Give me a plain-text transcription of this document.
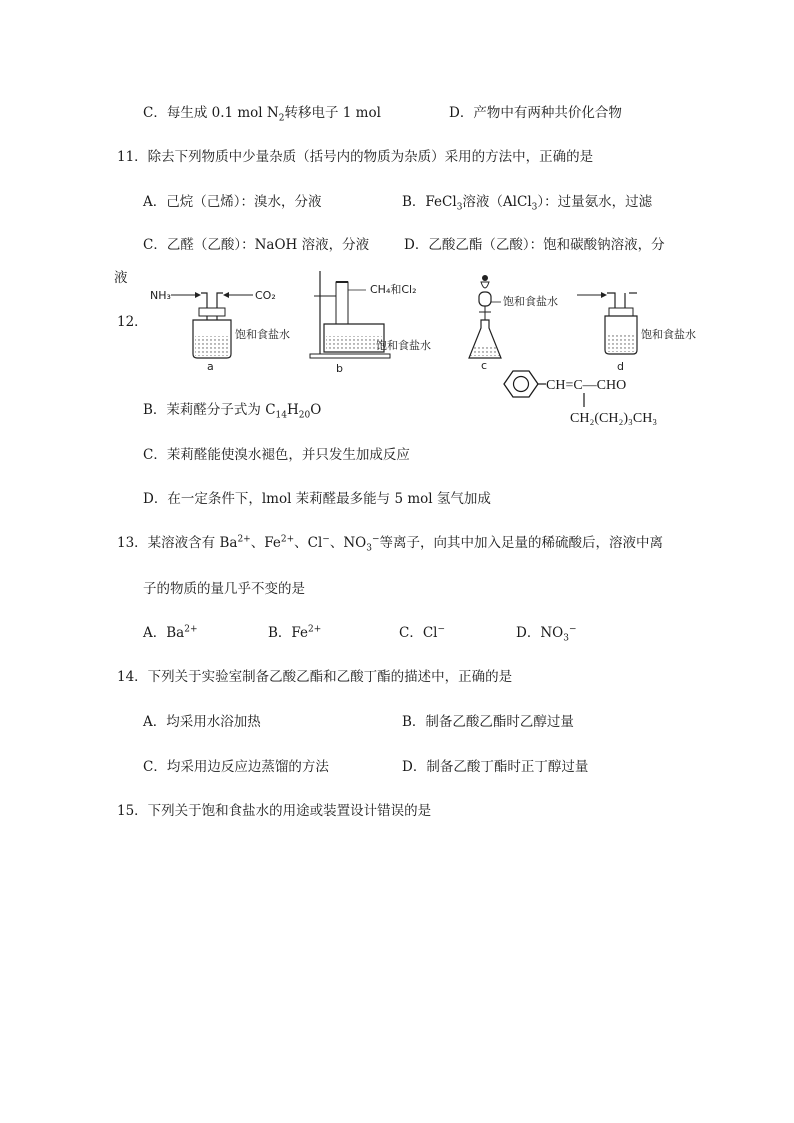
C．每生成 0.1 mol $N_2$转移电子 1 mol	D．产物中有两种共价化合物
11．除去下列物质中少量杂质（括号内的物质为杂质）采用的方法中，正确的是
A．己烷（己烯）：溴水，分液	B．FeCl$_3$溶液（AlCl$_3$）：过量氨水，过滤
C．乙醛（乙酸）：NaOH 溶液，分液	D．乙酸乙酯（乙酸）：饱和碳酸钠溶液，分
液
12．
NH₃	CO₂
饱和食盐水
a
CH₄和Cl₂
饱和食盐水
b
饱和食盐水
c
饱和食盐水
d
CH=C—CHO
CH₂(CH₂)₃CH₃
B．茉莉醛分子式为 $C_{14}H_{20}O$
C．茉莉醛能使溴水褪色，并只发生加成反应
D．在一定条件下，lmol 茉莉醛最多能与 5 mol 氢气加成
13．某溶液含有 $Ba^{2+}$、$Fe^{2+}$、Cl−、$NO_3^-$等离子，向其中加入足量的稀硫酸后，溶液中离
子的物质的量几乎不变的是
A．$Ba^{2+}$	B．$Fe^{2+}$	C．Cl−	D．$NO_3^-$
14．下列关于实验室制备乙酸乙酯和乙酸丁酯的描述中，正确的是
A．均采用水浴加热	B．制备乙酸乙酯时乙醇过量
C．均采用边反应边蒸馏的方法	D．制备乙酸丁酯时正丁醇过量
15．下列关于饱和食盐水的用途或装置设计错误的是
